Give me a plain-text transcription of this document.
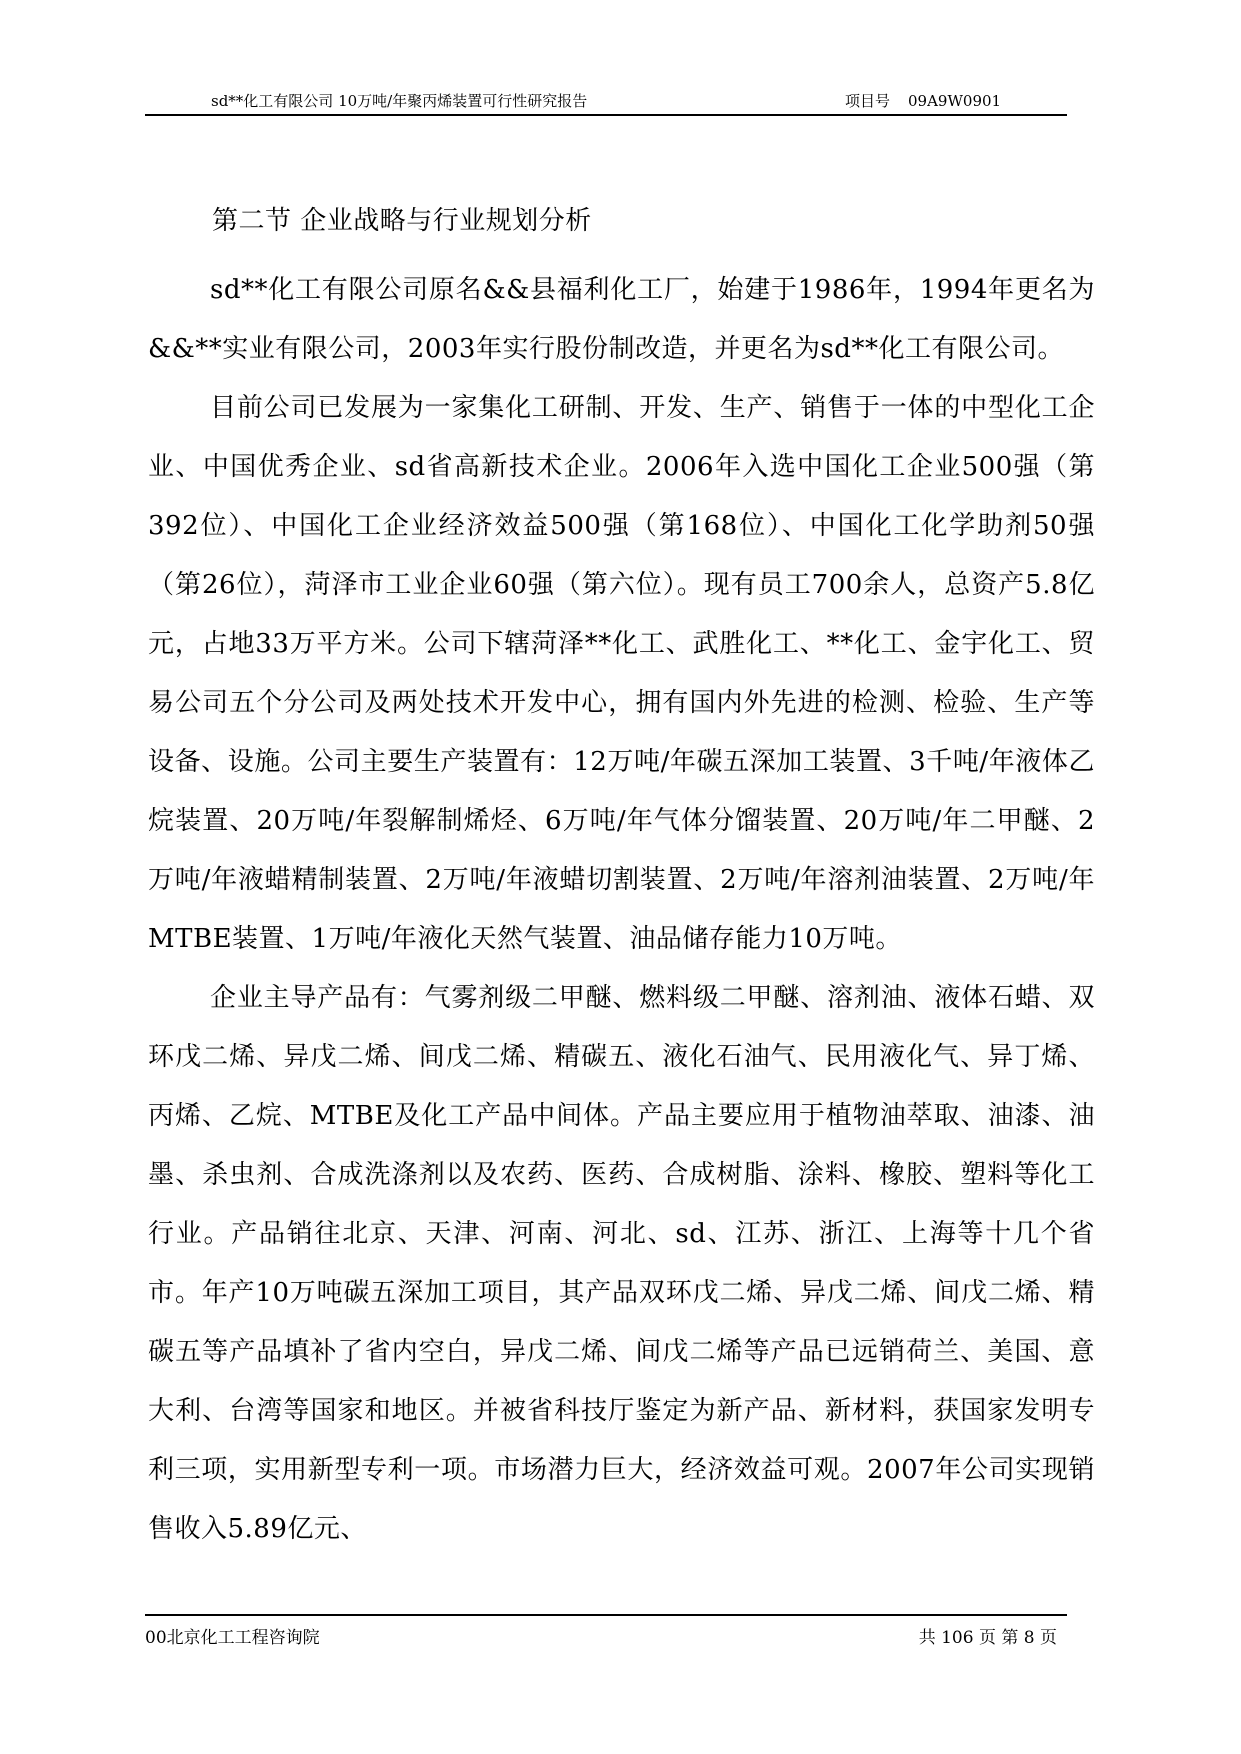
sd**化工有限公司 10万吨/年聚丙烯装置可行性研究报告	项目号 09A9W0901
第二节 企业战略与行业规划分析

sd**化工有限公司原名&&县福利化工厂，始建于1986年，1994年更名为&&**实业有限公司，2003年实行股份制改造，并更名为sd**化工有限公司。

目前公司已发展为一家集化工研制、开发、生产、销售于一体的中型化工企业、中国优秀企业、sd省高新技术企业。2006年入选中国化工企业500强（第392位）、中国化工企业经济效益500强（第168位）、中国化工化学助剂50强（第26位），菏泽市工业企业60强（第六位）。现有员工700余人，总资产5.8亿元，占地33万平方米。公司下辖菏泽**化工、武胜化工、**化工、金宇化工、贸易公司五个分公司及两处技术开发中心，拥有国内外先进的检测、检验、生产等设备、设施。公司主要生产装置有：12万吨/年碳五深加工装置、3千吨/年液体乙烷装置、20万吨/年裂解制烯烃、6万吨/年气体分馏装置、20万吨/年二甲醚、2万吨/年液蜡精制装置、2万吨/年液蜡切割装置、2万吨/年溶剂油装置、2万吨/年MTBE装置、1万吨/年液化天然气装置、油品储存能力10万吨。

企业主导产品有：气雾剂级二甲醚、燃料级二甲醚、溶剂油、液体石蜡、双环戊二烯、异戊二烯、间戊二烯、精碳五、液化石油气、民用液化气、异丁烯、丙烯、乙烷、MTBE及化工产品中间体。产品主要应用于植物油萃取、油漆、油墨、杀虫剂、合成洗涤剂以及农药、医药、合成树脂、涂料、橡胶、塑料等化工行业。产品销往北京、天津、河南、河北、sd、江苏、浙江、上海等十几个省市。年产10万吨碳五深加工项目，其产品双环戊二烯、异戊二烯、间戊二烯、精碳五等产品填补了省内空白，异戊二烯、间戊二烯等产品已远销荷兰、美国、意大利、台湾等国家和地区。并被省科技厅鉴定为新产品、新材料，获国家发明专利三项，实用新型专利一项。市场潜力巨大，经济效益可观。2007年公司实现销售收入5.89亿元、

00北京化工工程咨询院	共 106 页 第 8 页
